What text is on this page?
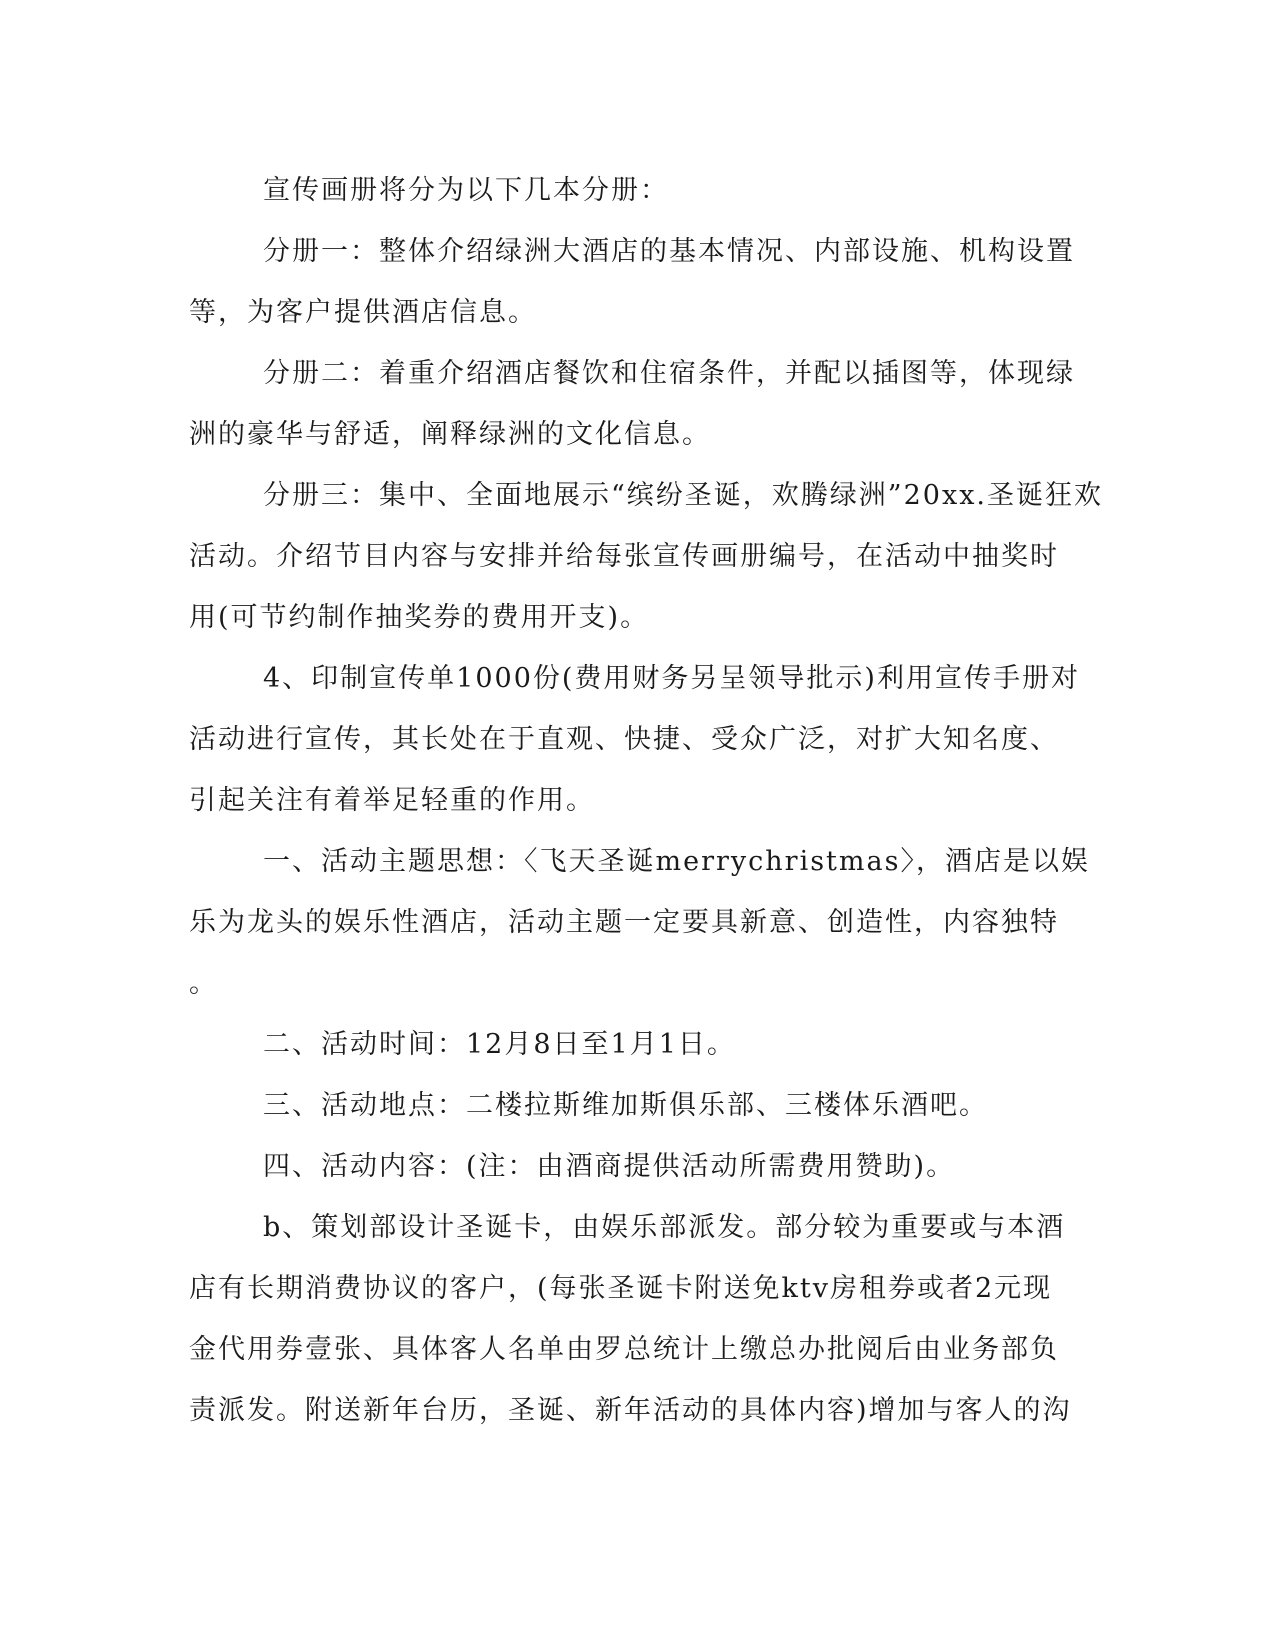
宣传画册将分为以下几本分册：

分册一：整体介绍绿洲大酒店的基本情况、内部设施、机构设置
等，为客户提供酒店信息。

分册二：着重介绍酒店餐饮和住宿条件，并配以插图等，体现绿
洲的豪华与舒适，阐释绿洲的文化信息。

分册三：集中、全面地展示“缤纷圣诞，欢腾绿洲”20xx.圣诞狂欢
活动。介绍节目内容与安排并给每张宣传画册编号，在活动中抽奖时
用(可节约制作抽奖券的费用开支)。

4、印制宣传单1000份(费用财务另呈领导批示)利用宣传手册对
活动进行宣传，其长处在于直观、快捷、受众广泛，对扩大知名度、
引起关注有着举足轻重的作用。

一、活动主题思想：〈飞天圣诞merrychristmas〉，酒店是以娱
乐为龙头的娱乐性酒店，活动主题一定要具新意、创造性，内容独特
。

二、活动时间：12月8日至1月1日。

三、活动地点：二楼拉斯维加斯俱乐部、三楼体乐酒吧。

四、活动内容：(注：由酒商提供活动所需费用赞助)。

b、策划部设计圣诞卡，由娱乐部派发。部分较为重要或与本酒
店有长期消费协议的客户，(每张圣诞卡附送免ktv房租券或者2元现
金代用券壹张、具体客人名单由罗总统计上缴总办批阅后由业务部负
责派发。附送新年台历，圣诞、新年活动的具体内容)增加与客人的沟
